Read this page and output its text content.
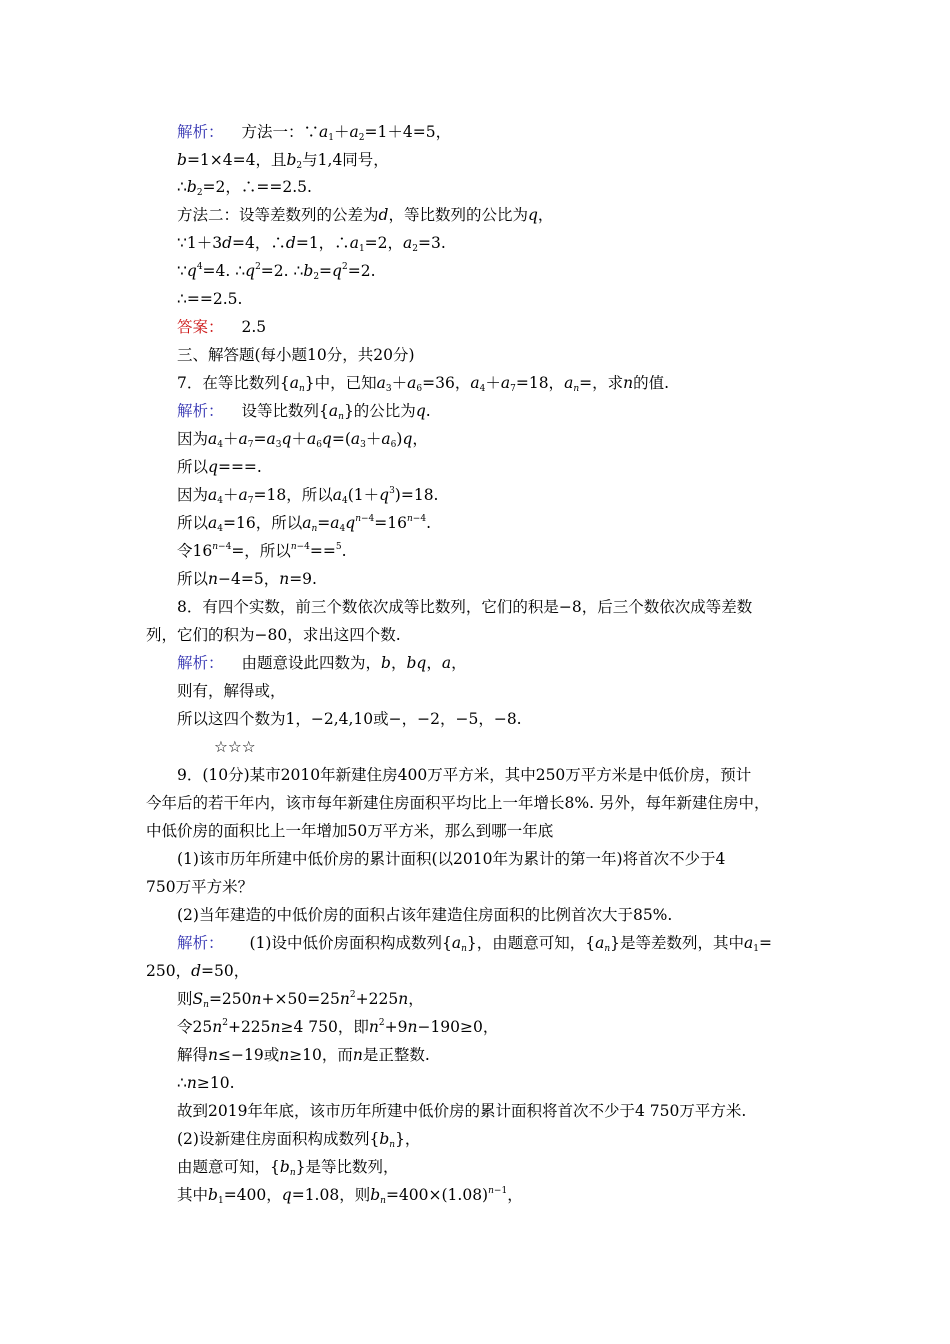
解析： 方法一：$\because a_1+a_2=1+4=5$，
b=1×4=4，且$b_2$与1,4同号，
$\therefore b_2=2$，∴==2.5.
方法二：设等差数列的公差为d，等比数列的公比为q，
∵1＋3d=4，∴d=1，$\therefore a_1=2$，$a_2=3$.
$\because q^4=4$. $\therefore q^2=2$. $\therefore b_2=q^2=2$.
∴==2.5.
答案： 2.5
三、解答题(每小题10分，共20分)
7．在等比数列$\{a_n\}$中，已知$a_3+a_6=36$，$a_4+a_7=18$，$a_n=$，求n的值.
解析： 设等比数列$\{a_n\}$的公比为q.
因为$a_4+a_7=a_3q+a_6q=(a_3+a_6)q$，
所以q===.
因为$a_4+a_7=18$，所以$a_4(1+q^3)=18$.
所以$a_4=16$，所以$a_n=a_4q^{n-4}=16^{n-4}$.
令$16^{n-4}=$，所以$^{n-4}$==$^5$.
所以n−4=5，n=9.
8．有四个实数，前三个数依次成等比数列，它们的积是−8，后三个数依次成等差数
列，它们的积为−80，求出这四个数.
解析： 由题意设此四数为，b，bq，a，
则有，解得或，
所以这四个数为1，−2,4,10或−，−2，−5，−8.
☆☆☆
9．(10分)某市2010年新建住房400万平方米，其中250万平方米是中低价房，预计
今年后的若干年内，该市每年新建住房面积平均比上一年增长8%. 另外，每年新建住房中，
中低价房的面积比上一年增加50万平方米，那么到哪一年底
(1)该市历年所建中低价房的累计面积(以2010年为累计的第一年)将首次不少于4
750万平方米？
(2)当年建造的中低价房的面积占该年建造住房面积的比例首次大于85%.
解析： (1)设中低价房面积构成数列$\{a_n\}$，由题意可知，$\{a_n\}$是等差数列，其中$a_1=$
250，d=50，
则$S_n=250n+\times 50=25n^2+225n$，
令$25n^2+225n\ge 4$ 750，即$n^2+9n-190\ge 0$，
解得n≤−19或n≥10，而n是正整数.
∴n≥10.
故到2019年年底，该市历年所建中低价房的累计面积将首次不少于4 750万平方米.
(2)设新建住房面积构成数列$\{b_n\}$，
由题意可知，$\{b_n\}$是等比数列，
其中$b_1=400$，q=1.08，则$b_n=400\times(1.08)^{n-1}$，
